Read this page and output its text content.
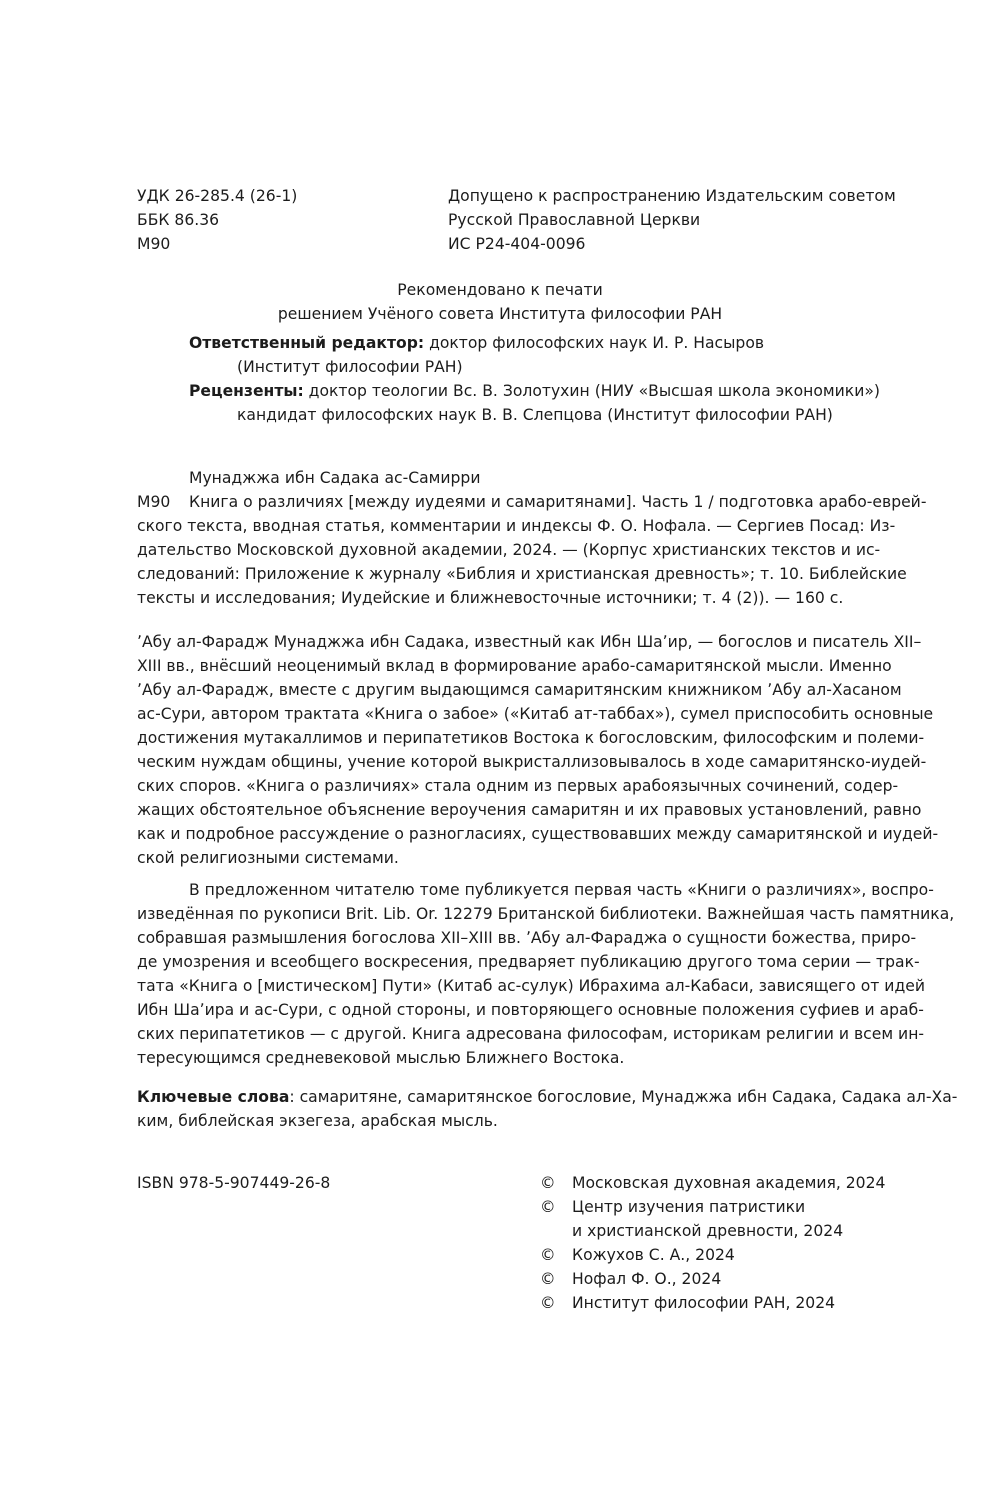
УДК 26-285.4 (26-1)
ББК 86.36
М90
Допущено к распространению Издательским советом
Русской Православной Церкви
ИС Р24-404-0096
Рекомендовано к печати
решением Учёного совета Института философии РАН
Ответственный редактор: доктор философских наук И. Р. Насыров
(Институт философии РАН)
Рецензенты: доктор теологии Вс. В. Золотухин (НИУ «Высшая школа экономики»)
кандидат философских наук В. В. Слепцова (Институт философии РАН)
Мунаджжа ибн Садака ас-Самирри
М90 Книга о различиях [между иудеями и самаритянами]. Часть 1 / подготовка арабо-еврей-
ского текста, вводная статья, комментарии и индексы Ф. О. Нофала. — Сергиев Посад: Из-
дательство Московской духовной академии, 2024. — (Корпус христианских текстов и ис-
следований: Приложение к журналу «Библия и христианская древность»; т. 10. Библейские
тексты и исследования; Иудейские и ближневосточные источники; т. 4 (2)). — 160 с.
ʼАбу ал-Фарадж Мунаджжа ибн Садака, известный как Ибн Шаʼир, — богослов и писатель XII–
XIII вв., внёсший неоценимый вклад в формирование арабо-самаритянской мысли. Именно
ʼАбу ал-Фарадж, вместе с другим выдающимся самаритянским книжником ʼАбу ал-Хасаном
ас-Сури, автором трактата «Книга о забое» («Китаб ат-таббах»), сумел приспособить основные
достижения мутакаллимов и перипатетиков Востока к богословским, философским и полеми-
ческим нуждам общины, учение которой выкристаллизовывалось в ходе самаритянско-иудей-
ских споров. «Книга о различиях» стала одним из первых арабоязычных сочинений, содер-
жащих обстоятельное объяснение вероучения самаритян и их правовых установлений, равно
как и подробное рассуждение о разногласиях, существовавших между самаритянской и иудей-
ской религиозными системами.
В предложенном читателю томе публикуется первая часть «Книги о различиях», воспро-
изведённая по рукописи Brit. Lib. Or. 12279 Британской библиотеки. Важнейшая часть памятника,
собравшая размышления богослова XII–XIII вв. ʼАбу ал-Фараджа о сущности божества, приро-
де умозрения и всеобщего воскресения, предваряет публикацию другого тома серии — трак-
тата «Книга о [мистическом] Пути» (Китаб ас-сулук) Ибрахима ал-Кабаси, зависящего от идей
Ибн Шаʼира и ас-Сури, с одной стороны, и повторяющего основные положения суфиев и араб-
ских перипатетиков — с другой. Книга адресована философам, историкам религии и всем ин-
тересующимся средневековой мыслью Ближнего Востока.
Ключевые слова: самаритяне, самаритянское богословие, Мунаджжа ибн Садака, Садака ал-Ха-
ким, библейская экзегеза, арабская мысль.
ISBN 978-5-907449-26-8	©	Московская духовная академия, 2024
©	Центр изучения патристики
и христианской древности, 2024
©	Кожухов С. А., 2024
©	Нофал Ф. О., 2024
©	Институт философии РАН, 2024
